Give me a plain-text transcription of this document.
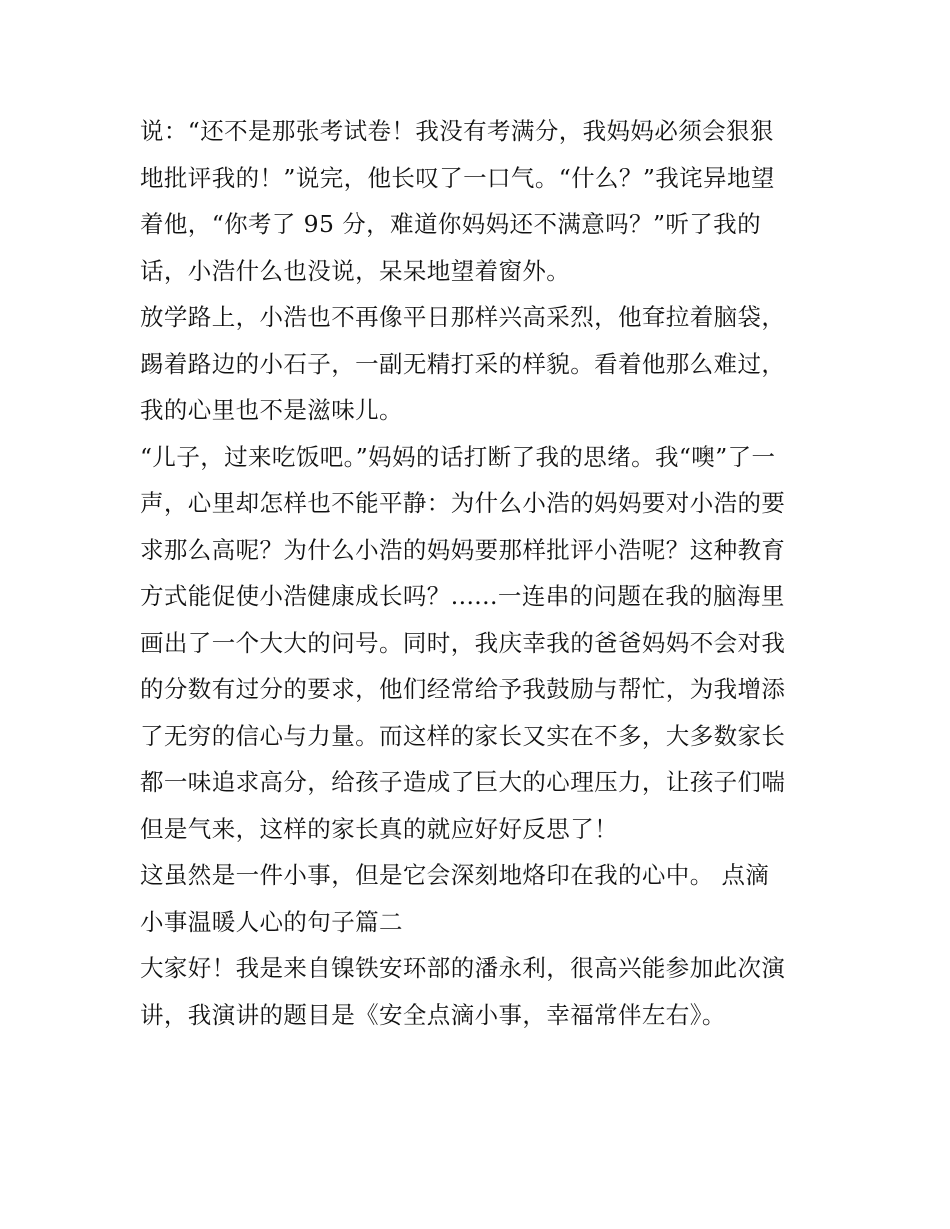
说：“还不是那张考试卷！我没有考满分，我妈妈必须会狠狠
地批评我的！”说完，他长叹了一口气。“什么？”我诧异地望
着他，“你考了 95 分，难道你妈妈还不满意吗？”听了我的
话，小浩什么也没说，呆呆地望着窗外。
放学路上，小浩也不再像平日那样兴高采烈，他耷拉着脑袋，
踢着路边的小石子，一副无精打采的样貌。看着他那么难过，
我的心里也不是滋味儿。
“儿子，过来吃饭吧。”妈妈的话打断了我的思绪。我“噢”了一
声，心里却怎样也不能平静：为什么小浩的妈妈要对小浩的要
求那么高呢？为什么小浩的妈妈要那样批评小浩呢？这种教育
方式能促使小浩健康成长吗？......一连串的问题在我的脑海里
画出了一个大大的问号。同时，我庆幸我的爸爸妈妈不会对我
的分数有过分的要求，他们经常给予我鼓励与帮忙，为我增添
了无穷的信心与力量。而这样的家长又实在不多，大多数家长
都一味追求高分，给孩子造成了巨大的心理压力，让孩子们喘
但是气来，这样的家长真的就应好好反思了！
这虽然是一件小事，但是它会深刻地烙印在我的心中。 点滴
小事温暖人心的句子篇二
大家好！我是来自镍铁安环部的潘永利，很高兴能参加此次演
讲，我演讲的题目是《安全点滴小事，幸福常伴左右》。
